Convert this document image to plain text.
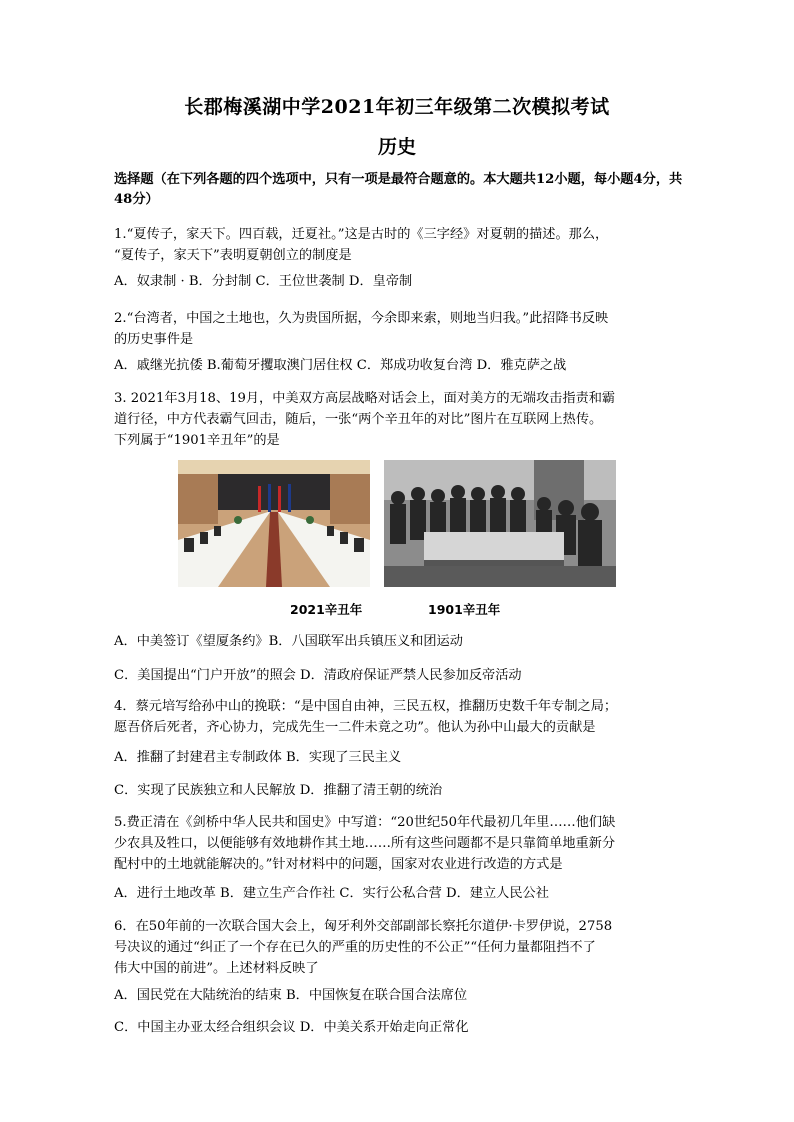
长郡梅溪湖中学2021年初三年级第二次模拟考试
历史
选择题（在下列各题的四个选项中，只有一项是最符合题意的。本大题共12小题，每小题4分，共48分）

1.“夏传子，家天下。四百载，迁夏社。”这是古时的《三字经》对夏朝的描述。那么，

“夏传子，家天下”表明夏朝创立的制度是

A．奴隶制 · B．分封制 C．王位世袭制 D．皇帝制

2.“台湾者，中国之土地也，久为贵国所据，今余即来索，则地当归我。”此招降书反映

的历史事件是

A．戚继光抗倭 B.葡萄牙攫取澳门居住权 C．郑成功收复台湾 D．雅克萨之战

3. 2021年3月18、19月，中美双方高层战略对话会上，面对美方的无端攻击指责和霸

道行径，中方代表霸气回击，随后，一张“两个辛丑年的对比”图片在互联网上热传。

下列属于“1901辛丑年”的是

2021辛丑年	1901辛丑年
A．中美签订《望厦条约》B．八国联军出兵镇压义和团运动
C．美国提出“门户开放”的照会 D．清政府保证严禁人民参加反帝活动

4．蔡元培写给孙中山的挽联：“是中国自由神，三民五权，推翻历史数千年专制之局；

愿吾侪后死者，齐心协力，完成先生一二件未竟之功”。他认为孙中山最大的贡献是

A．推翻了封建君主专制政体 B．实现了三民主义
C．实现了民族独立和人民解放 D．推翻了清王朝的统治

5.费正清在《剑桥中华人民共和国史》中写道：“20世纪50年代最初几年里……他们缺

少农具及牲口，以便能够有效地耕作其土地……所有这些问题都不是只靠简单地重新分

配村中的土地就能解决的。”针对材料中的问题，国家对农业进行改造的方式是

A．进行土地改革 B．建立生产合作社 C．实行公私合营 D．建立人民公社

6．在50年前的一次联合国大会上，匈牙利外交部副部长察托尔道伊·卡罗伊说，2758

号决议的通过“纠正了一个存在已久的严重的历史性的不公正”“任何力量都阻挡不了

伟大中国的前进”。上述材料反映了

A．国民党在大陆统治的结束 B．中国恢复在联合国合法席位
C．中国主办亚太经合组织会议 D．中美关系开始走向正常化
